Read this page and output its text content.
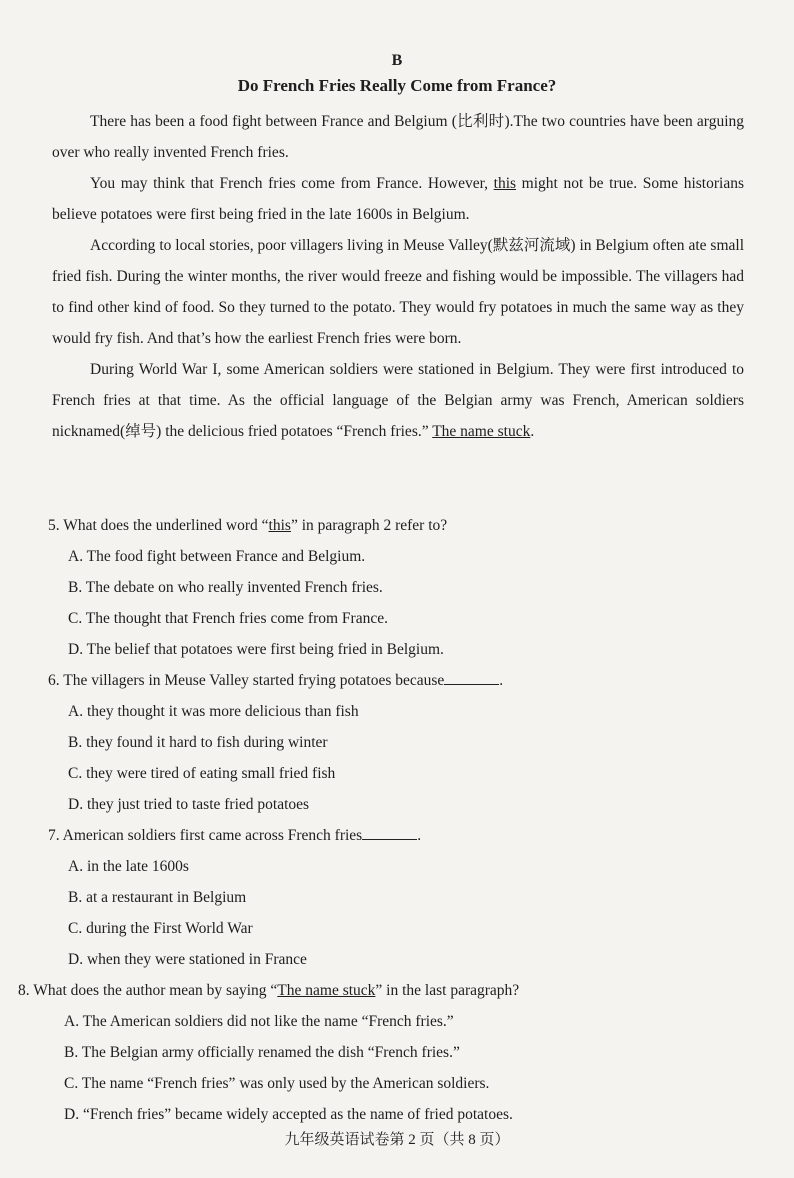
B
Do French Fries Really Come from France?

There has been a food fight between France and Belgium (比利时).The two countries have been arguing over who really invented French fries.

You may think that French fries come from France. However, this might not be true. Some historians believe potatoes were first being fried in the late 1600s in Belgium.

According to local stories, poor villagers living in Meuse Valley(默兹河流域) in Belgium often ate small fried fish. During the winter months, the river would freeze and fishing would be impossible. The villagers had to find other kind of food. So they turned to the potato. They would fry potatoes in much the same way as they would fry fish. And that’s how the earliest French fries were born.

During World War I, some American soldiers were stationed in Belgium. They were first introduced to French fries at that time. As the official language of the Belgian army was French, American soldiers nicknamed(绰号) the delicious fried potatoes “French fries.” The name stuck.

5. What does the underlined word “this” in paragraph 2 refer to?
A. The food fight between France and Belgium.
B. The debate on who really invented French fries.
C. The thought that French fries come from France.
D. The belief that potatoes were first being fried in Belgium.
6. The villagers in Meuse Valley started frying potatoes because	.
A. they thought it was more delicious than fish
B. they found it hard to fish during winter
C. they were tired of eating small fried fish
D. they just tried to taste fried potatoes
7. American soldiers first came across French fries	.
A. in the late 1600s
B. at a restaurant in Belgium
C. during the First World War
D. when they were stationed in France
8. What does the author mean by saying “The name stuck” in the last paragraph?
A. The American soldiers did not like the name “French fries.”
B. The Belgian army officially renamed the dish “French fries.”
C. The name “French fries” was only used by the American soldiers.
D. “French fries” became widely accepted as the name of fried potatoes.
九年级英语试卷第 2 页（共 8 页）
